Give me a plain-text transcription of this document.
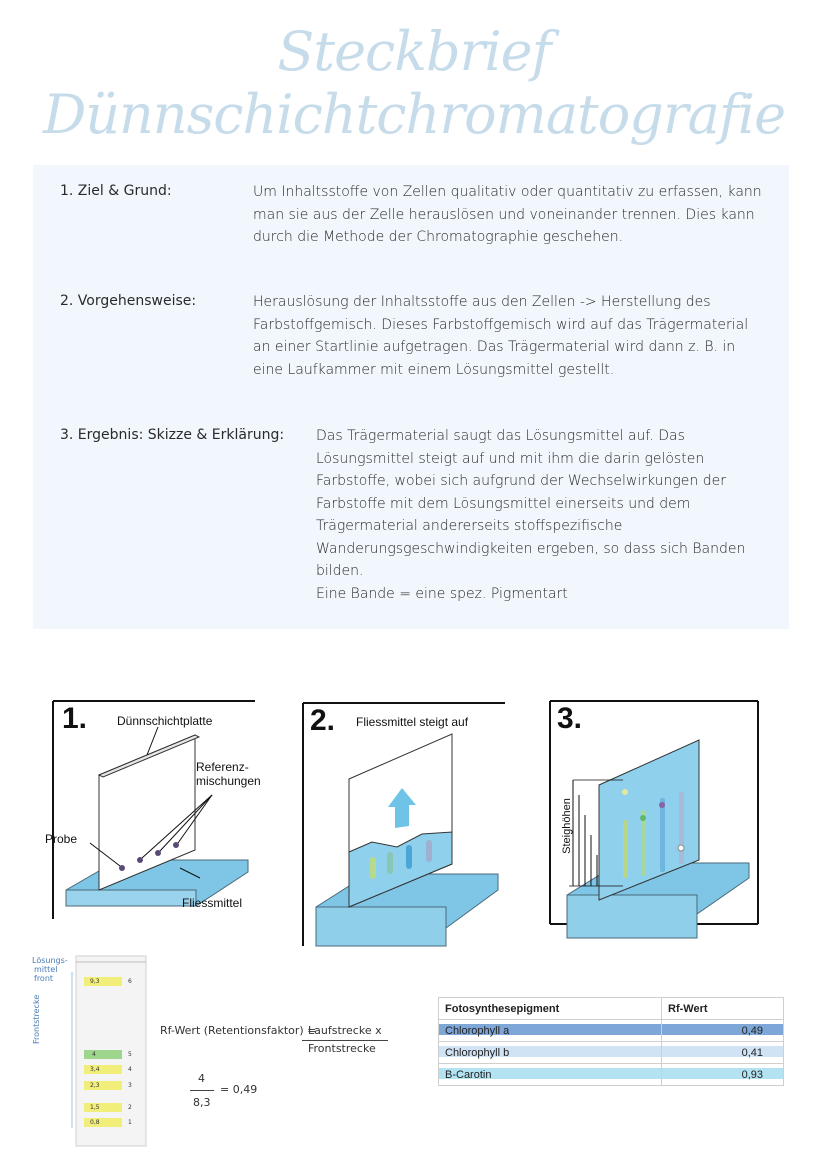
Steckbrief Dünnschichtchromatografie
1. Ziel & Grund:	Um Inhaltsstoffe von Zellen qualitativ oder quantitativ zu erfassen, kann
man sie aus der Zelle herauslösen und voneinander trennen. Dies kann
durch die Methode der Chromatographie geschehen.
2. Vorgehensweise:	Herauslösung der Inhaltsstoffe aus den Zellen -> Herstellung des
Farbstoffgemisch. Dieses Farbstoffgemisch wird auf das Trägermaterial
an einer Startlinie aufgetragen. Das Trägermaterial wird dann z. B. in
eine Laufkammer mit einem Lösungsmittel gestellt.
3. Ergebnis: Skizze & Erklärung: Das Trägermaterial saugt das Lösungsmittel auf. Das
Lösungsmittel steigt auf und mit ihm die darin gelösten
Farbstoffe, wobei sich aufgrund der Wechselwirkungen der
Farbstoffe mit dem Lösungsmittel einerseits und dem
Trägermaterial andererseits stoffspezifische
Wanderungsgeschwindigkeiten ergeben, so dass sich Banden
bilden.
Eine Bande = eine spez. Pigmentart
1. Dünnschichtplatte
Referenz-
mischungen
Probe
Fliessmittel
2. Fliessmittel steigt auf	3.
Steighöhen
Lösungs-
mittel
front
Frontstrecke
9,3	6
4	5
3,4	4
2,3	3
1,5	2
0,8	1
Rf-Wert (Retentionsfaktor) =
Laufstrecke x
Frontstrecke
4
8,3
= 0,49
Fotosynthesepigment	Rf-Wert
Chlorophyll a	0,49
Chlorophyll b	0,41
B-Carotin	0,93
